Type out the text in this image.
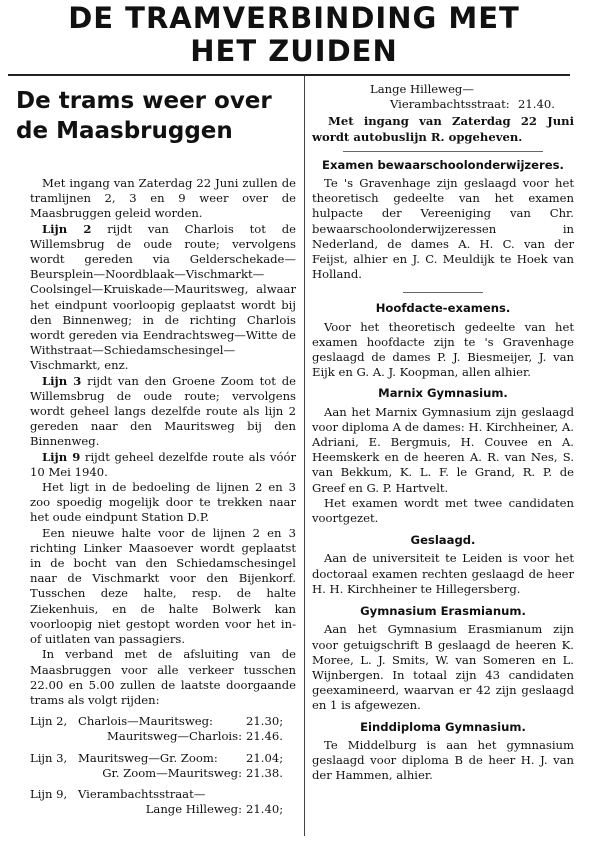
DE TRAMVERBINDING MET
HET ZUIDEN
De trams weer over
de Maasbruggen

Met ingang van Zaterdag 22 Juni zullen de tramlijnen 2, 3 en 9 weer over de Maasbruggen geleid worden.

Lijn 2 rijdt van Charlois tot de Willemsbrug de oude route; vervolgens wordt gereden via Gelderschekade—Beursplein—Noordblaak—Vischmarkt—Coolsingel—Kruiskade—Mauritsweg, alwaar het eindpunt voorloopig geplaatst wordt bij den Binnenweg; in de richting Charlois wordt gereden via Eendrachtsweg—Witte de Withstraat—Schiedamschesingel—Vischmarkt, enz.

Lijn 3 rijdt van den Groene Zoom tot de Willemsbrug de oude route; vervolgens wordt geheel langs dezelfde route als lijn 2 gereden naar den Mauritsweg bij den Binnenweg.

Lijn 9 rijdt geheel dezelfde route als vóór 10 Mei 1940.

Het ligt in de bedoeling de lijnen 2 en 3 zoo spoedig mogelijk door te trekken naar het oude eindpunt Station D.P.

Een nieuwe halte voor de lijnen 2 en 3 richting Linker Maasoever wordt geplaatst in de bocht van den Schiedamschesingel naar de Vischmarkt voor den Bijenkorf. Tusschen deze halte, resp. de halte Ziekenhuis, en de halte Bolwerk kan voorloopig niet gestopt worden voor het in- of uitlaten van passagiers.

In verband met de afsluiting van de Maasbruggen voor alle verkeer tusschen 22.00 en 5.00 zullen de laatste doorgaande trams als volgt rijden:

Lijn 2, Charlois—Mauritsweg:	21.30;
Mauritsweg—Charlois: 21.46.
Lijn 3, Mauritsweg—Gr. Zoom: 21.04;
Gr. Zoom—Mauritsweg: 21.38.
Lijn 9, Vierambachtsstraat—
Lange Hilleweg: 21.40;
Lange Hilleweg—
Vierambachtsstraat: 21.40.

Met ingang van Zaterdag 22 Juni wordt autobuslijn R. opgeheven.

Examen bewaarschoolonderwijzeres.

Te 's Gravenhage zijn geslaagd voor het theoretisch gedeelte van het examen hulpacte der Vereeniging van Chr. bewaarschoolonderwijzeressen in Nederland, de dames A. H. C. van der Feijst, alhier en J. C. Meuldijk te Hoek van Holland.

Hoofdacte-examens.

Voor het theoretisch gedeelte van het examen hoofdacte zijn te 's Gravenhage geslaagd de dames P. J. Biesmeijer, J. van Eijk en G. A. J. Koopman, allen alhier.

Marnix Gymnasium.

Aan het Marnix Gymnasium zijn geslaagd voor diploma A de dames: H. Kirchheiner, A. Adriani, E. Bergmuis, H. Couvee en A. Heemskerk en de heeren A. R. van Nes, S. van Bekkum, K. L. F. le Grand, R. P. de Greef en G. P. Hartvelt.

Het examen wordt met twee candidaten voortgezet.

Geslaagd.

Aan de universiteit te Leiden is voor het doctoraal examen rechten geslaagd de heer H. H. Kirchheiner te Hillegersberg.

Gymnasium Erasmianum.

Aan het Gymnasium Erasmianum zijn voor getuigschrift B geslaagd de heeren K. Moree, L. J. Smits, W. van Someren en L. Wijnbergen. In totaal zijn 43 candidaten geexamineerd, waarvan er 42 zijn geslaagd en 1 is afgewezen.

Einddiploma Gymnasium.

Te Middelburg is aan het gymnasium geslaagd voor diploma B de heer H. J. van der Hammen, alhier.
